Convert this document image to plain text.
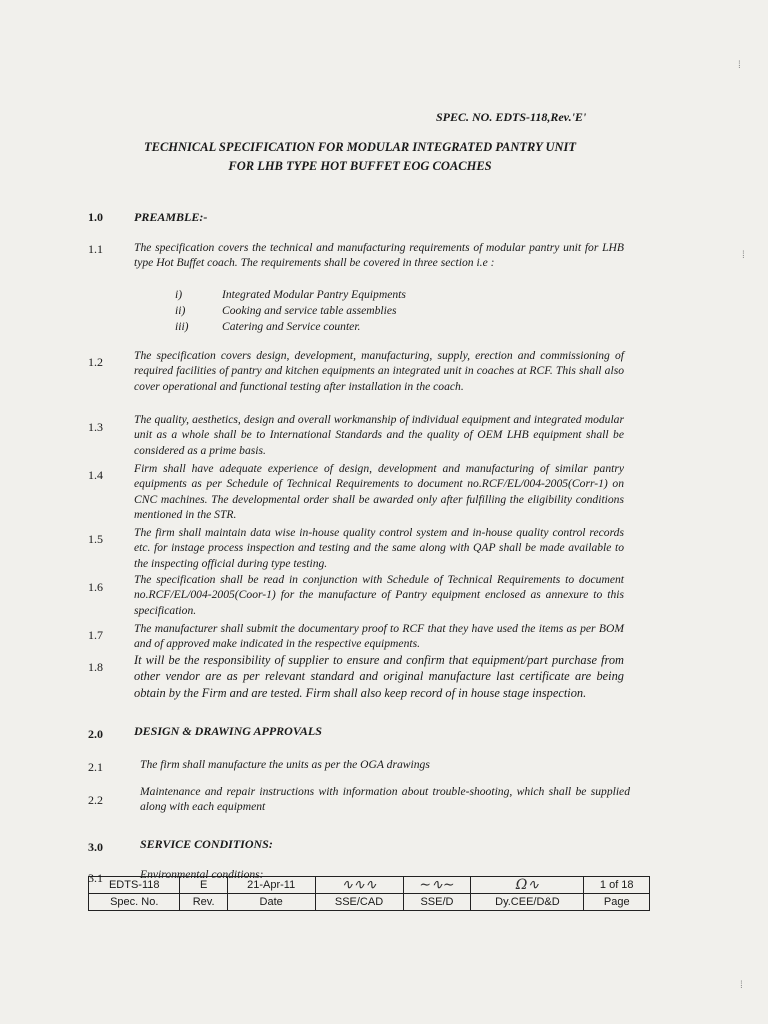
SPEC. NO. EDTS-118,Rev.'E'
TECHNICAL SPECIFICATION FOR MODULAR INTEGRATED PANTRY UNIT
FOR LHB TYPE HOT BUFFET EOG COACHES
1.0	PREAMBLE:-
1.1	The specification covers the technical and manufacturing requirements of modular pantry unit for LHB type Hot Buffet coach. The requirements shall be covered in three section i.e :
i)	Integrated Modular Pantry Equipments
ii)	Cooking and service table assemblies
iii)	Catering and Service counter.
1.2	The specification covers design, development, manufacturing, supply, erection and commissioning of required facilities of pantry and kitchen equipments an integrated unit in coaches at RCF. This shall also cover operational and functional testing after installation in the coach.
1.3
The quality, aesthetics, design and overall workmanship of individual equipment and integrated modular unit as a whole shall be to International Standards and the quality of OEM LHB equipment shall be considered as a prime basis.
1.4	Firm shall have adequate experience of design, development and manufacturing of similar pantry equipments as per Schedule of Technical Requirements to document no.RCF/EL/004-2005(Corr-1) on CNC machines. The developmental order shall be awarded only after fulfilling the eligibility conditions mentioned in the STR.
1.5	The firm shall maintain data wise in-house quality control system and in-house quality control records etc. for instage process inspection and testing and the same along with QAP shall be made available to the inspecting official during type testing.
1.6
The specification shall be read in conjunction with Schedule of Technical Requirements to document no.RCF/EL/004-2005(Coor-1) for the manufacture of Pantry equipment enclosed as annexure to this specification.
1.7	The manufacturer shall submit the documentary proof to RCF that they have used the items as per BOM and of approved make indicated in the respective equipments.
1.8	It will be the responsibility of supplier to ensure and confirm that equipment/part purchase from other vendor are as per relevant standard and original manufacture last certificate are being obtain by the Firm and are tested. Firm shall also keep record of in house stage inspection.
2.0	DESIGN & DRAWING APPROVALS
2.1	The firm shall manufacture the units as per the OGA drawings
2.2
Maintenance and repair instructions with information about trouble-shooting, which shall be supplied along with each equipment
3.0	SERVICE CONDITIONS:
3.1	Environmental conditions:
EDTS-118	E	21-Apr-11	∿∿∿	∼∿∼	Ω∿	1 of 18
Spec. No.	Rev.	Date	SSE/CAD	SSE/D	Dy.CEE/D&D	Page
⁞
⁞
⁞
